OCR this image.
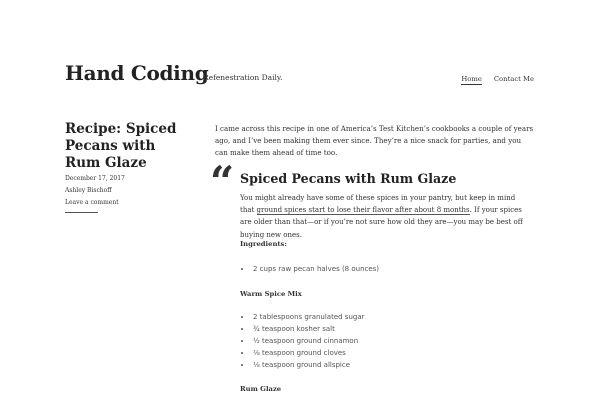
Hand Coding
Refenestration Daily.	Home Contact Me
Recipe: Spiced Pecans with Rum Glaze
December 17, 2017
Ashley Bischoff
Leave a comment
I came across this recipe in one of America’s Test Kitchen’s cookbooks a couple of years ago, and I’ve been making them ever since. They’re a nice snack for parties, and you can make them ahead of time too.
“ Spiced Pecans with Rum Glaze
You might already have some of these spices in your pantry, but keep in mind that ground spices start to lose their flavor after about 8 months. If your spices are older than that—or if you’re not sure how old they are—you may be best off buying new ones.
Ingredients:
• 2 cups raw pecan halves (8 ounces)
Warm Spice Mix
• 2 tablespoons granulated sugar
• ¾ teaspoon kosher salt
• ½ teaspoon ground cinnamon
• ⅛ teaspoon ground cloves
• ⅛ teaspoon ground allspice
Rum Glaze
